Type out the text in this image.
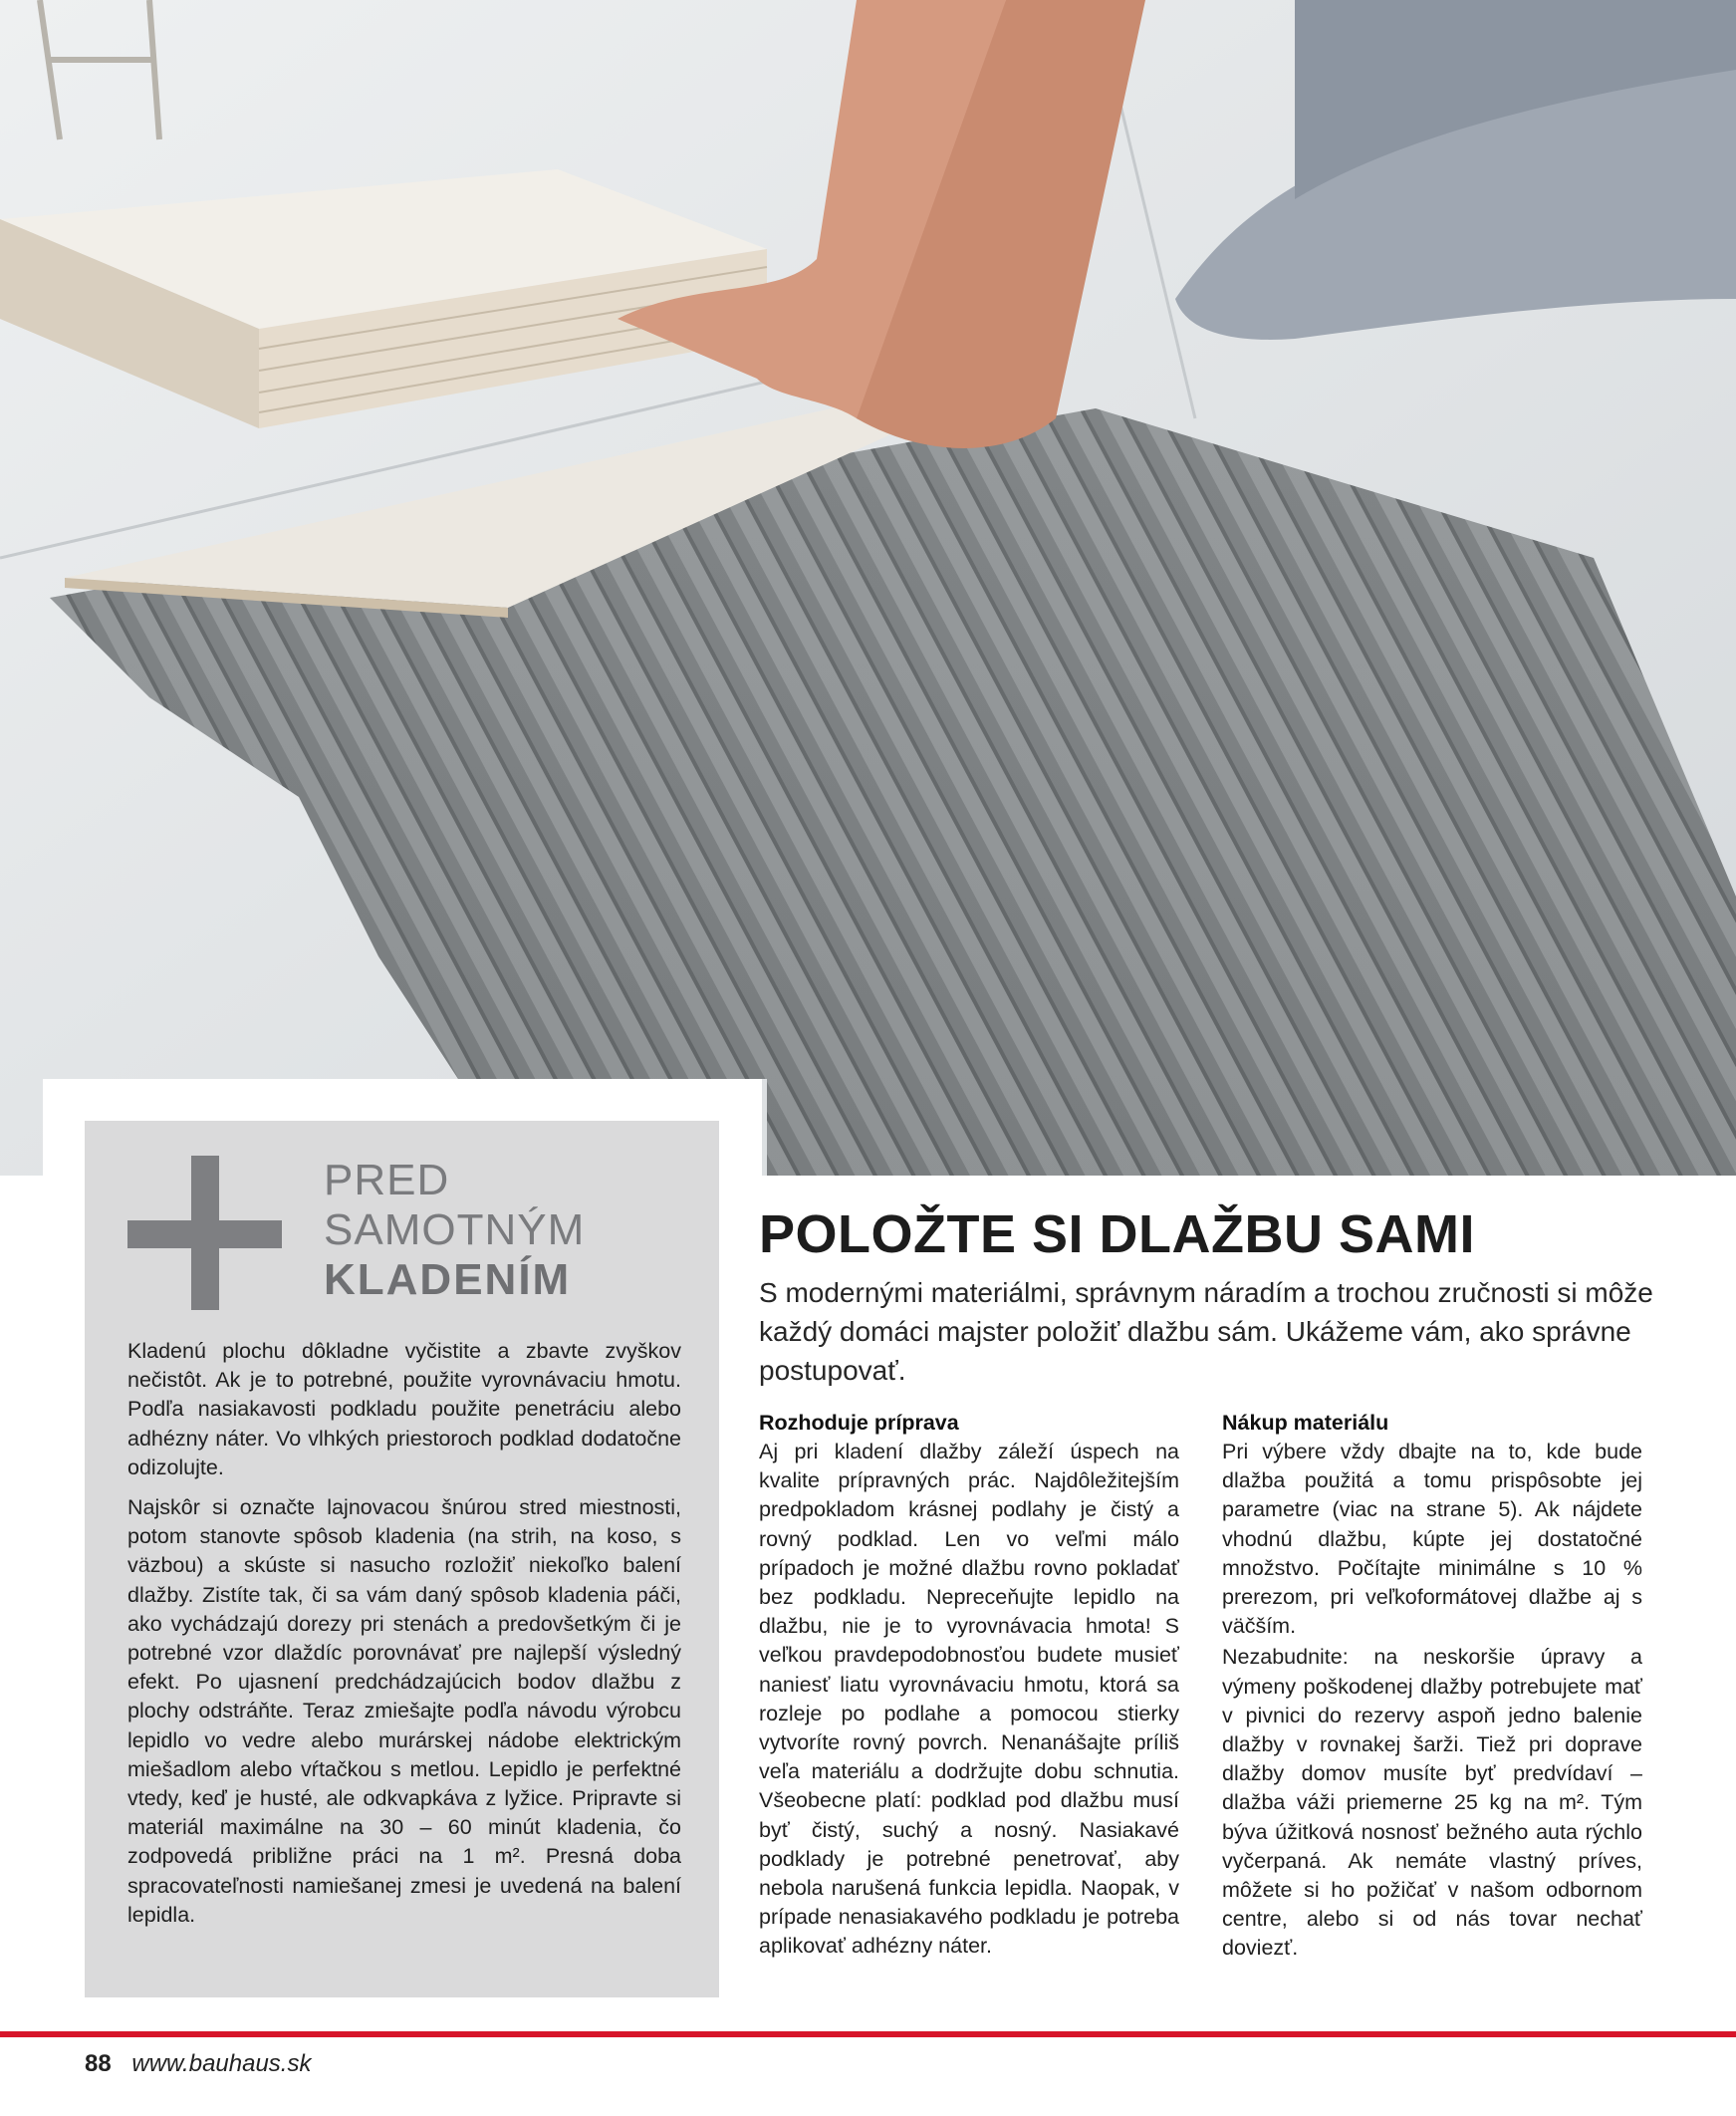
PRED
SAMOTNÝM
KLADENÍM

Kladenú plochu dôkladne vyčistite a zbavte zvyškov nečistôt. Ak je to potrebné, použite vyrovnávaciu hmotu. Podľa nasiakavosti podkladu použite penetráciu alebo adhézny náter. Vo vlhkých priestoroch podklad dodatočne odizolujte.

Najskôr si označte lajnovacou šnúrou stred miestnosti, potom stanovte spôsob kladenia (na strih, na koso, s väzbou) a skúste si nasucho rozložiť niekoľko balení dlažby. Zistíte tak, či sa vám daný spôsob kladenia páči, ako vychádzajú dorezy pri stenách a predovšetkým či je potrebné vzor dlaždíc porovnávať pre najlepší výsledný efekt. Po ujasnení predchádzajúcich bodov dlažbu z plochy odstráňte. Teraz zmiešajte podľa návodu výrobcu lepidlo vo vedre alebo murárskej nádobe elektrickým miešadlom alebo vŕtačkou s metlou. Lepidlo je perfektné vtedy, keď je husté, ale odkvapkáva z lyžice. Pripravte si materiál maximálne na 30 – 60 minút kladenia, čo zodpovedá približne práci na 1 m². Presná doba spracovateľnosti namiešanej zmesi je uvedená na balení lepidla.

POLOŽTE SI DLAŽBU SAMI
S modernými materiálmi, správnym náradím a trochou zručnosti si môže každý domáci majster položiť dlažbu sám. Ukážeme vám, ako správne postupovať.
Rozhoduje príprava

Aj pri kladení dlažby záleží úspech na kvalite prípravných prác. Najdôležitejším predpokladom krásnej podlahy je čistý a rovný podklad. Len vo veľmi málo prípadoch je možné dlažbu rovno pokladať bez podkladu. Nepreceňujte lepidlo na dlažbu, nie je to vyrovnávacia hmota! S veľkou pravdepodobnosťou budete musieť naniesť liatu vyrovnávaciu hmotu, ktorá sa rozleje po podlahe a pomocou stierky vytvoríte rovný povrch. Nenanášajte príliš veľa materiálu a dodržujte dobu schnutia. Všeobecne platí: podklad pod dlažbu musí byť čistý, suchý a nosný. Nasiakavé podklady je potrebné penetrovať, aby nebola narušená funkcia lepidla. Naopak, v prípade nenasiakavého podkladu je potreba aplikovať adhézny náter.

Nákup materiálu

Pri výbere vždy dbajte na to, kde bude dlažba použitá a tomu prispôsobte jej parametre (viac na strane 5). Ak nájdete vhodnú dlažbu, kúpte jej dostatočné množstvo. Počítajte minimálne s 10 % prerezom, pri veľkoformátovej dlažbe aj s väčším.

Nezabudnite: na neskoršie úpravy a výmeny poškodenej dlažby potrebujete mať v pivnici do rezervy aspoň jedno balenie dlažby v rovnakej šarži. Tiež pri doprave dlažby domov musíte byť predvídaví – dlažba váži priemerne 25 kg na m². Tým býva úžitková nosnosť bežného auta rýchlo vyčerpaná. Ak nemáte vlastný príves, môžete si ho požičať v našom odbornom centre, alebo si od nás tovar nechať doviezť.

88 www.bauhaus.sk
